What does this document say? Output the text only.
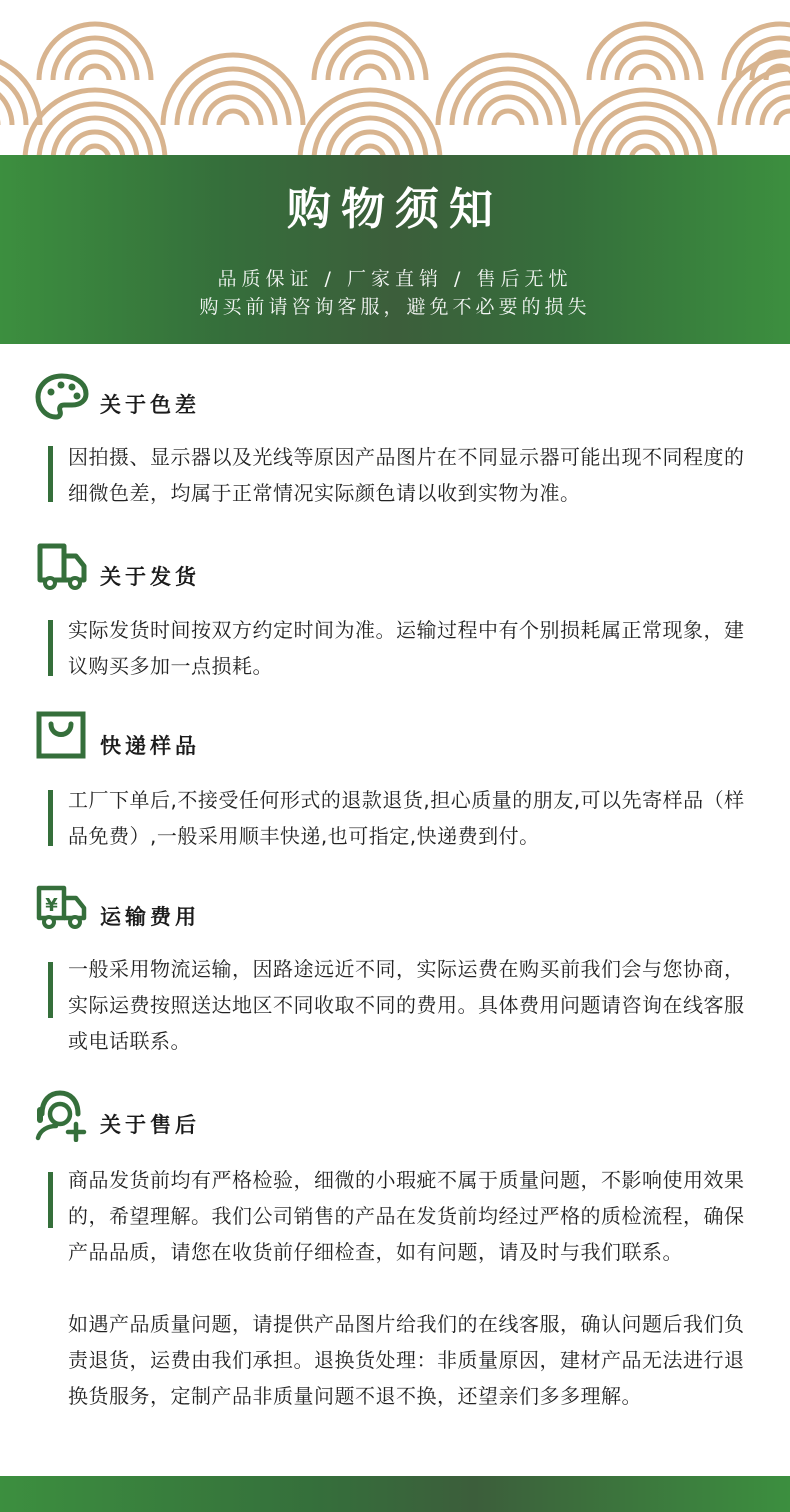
购物须知
品质保证 / 厂家直销 / 售后无忧
购买前请咨询客服，避免不必要的损失
关于色差
因拍摄、显示器以及光线等原因产品图片在不同显示器可能出现不同程度的细微色差，均属于正常情况实际颜色请以收到实物为准。
关于发货
实际发货时间按双方约定时间为准。运输过程中有个别损耗属正常现象，建议购买多加一点损耗。
快递样品
工厂下单后,不接受任何形式的退款退货,担心质量的朋友,可以先寄样品（样品免费）,一般采用顺丰快递,也可指定,快递费到付。
¥ 运输费用
一般采用物流运输，因路途远近不同，实际运费在购买前我们会与您协商，实际运费按照送达地区不同收取不同的费用。具体费用问题请咨询在线客服或电话联系。
关于售后
商品发货前均有严格检验，细微的小瑕疵不属于质量问题，不影响使用效果的，希望理解。我们公司销售的产品在发货前均经过严格的质检流程，确保产品品质，请您在收货前仔细检查，如有问题，请及时与我们联系。
如遇产品质量问题，请提供产品图片给我们的在线客服，确认问题后我们负责退货，运费由我们承担。退换货处理：非质量原因，建材产品无法进行退换货服务，定制产品非质量问题不退不换，还望亲们多多理解。
